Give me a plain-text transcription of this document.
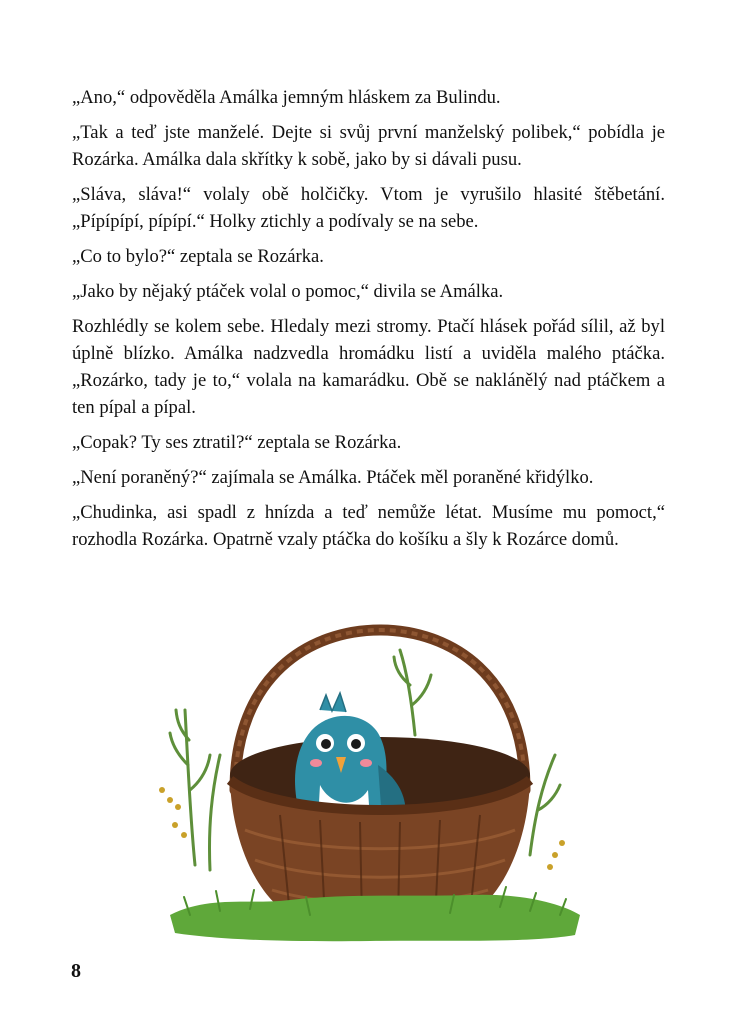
„Ano,“ odpověděla Amálka jemným hláskem za Bulindu.

„Tak a teď jste manželé. Dejte si svůj první manželský polibek,“ pobídla je Rozárka. Amálka dala skřítky k sobě, jako by si dávali pusu.

„Sláva, sláva!“ volaly obě holčičky. Vtom je vyrušilo hlasité štěbetání. „Pípípípí, pípípí.“ Holky ztichly a podívaly se na sebe.

„Co to bylo?“ zeptala se Rozárka.

„Jako by nějaký ptáček volal o pomoc,“ divila se Amálka.

Rozhlédly se kolem sebe. Hledaly mezi stromy. Ptačí hlásek pořád sílil, až byl úplně blízko. Amálka nadzvedla hromádku listí a uviděla malého ptáčka. „Rozárko, tady je to,“ volala na kamarádku. Obě se naklánělý nad ptáčkem a ten pípal a pípal.

„Copak? Ty ses ztratil?“ zeptala se Rozárka.

„Není poraněný?“ zajímala se Amálka. Ptáček měl poraněné křidýlko.

„Chudinka, asi spadl z hnízda a teď nemůže létat. Musíme mu pomoct,“ rozhodla Rozárka. Opatrně vzaly ptáčka do košíku a šly k Rozárce domů.

8
